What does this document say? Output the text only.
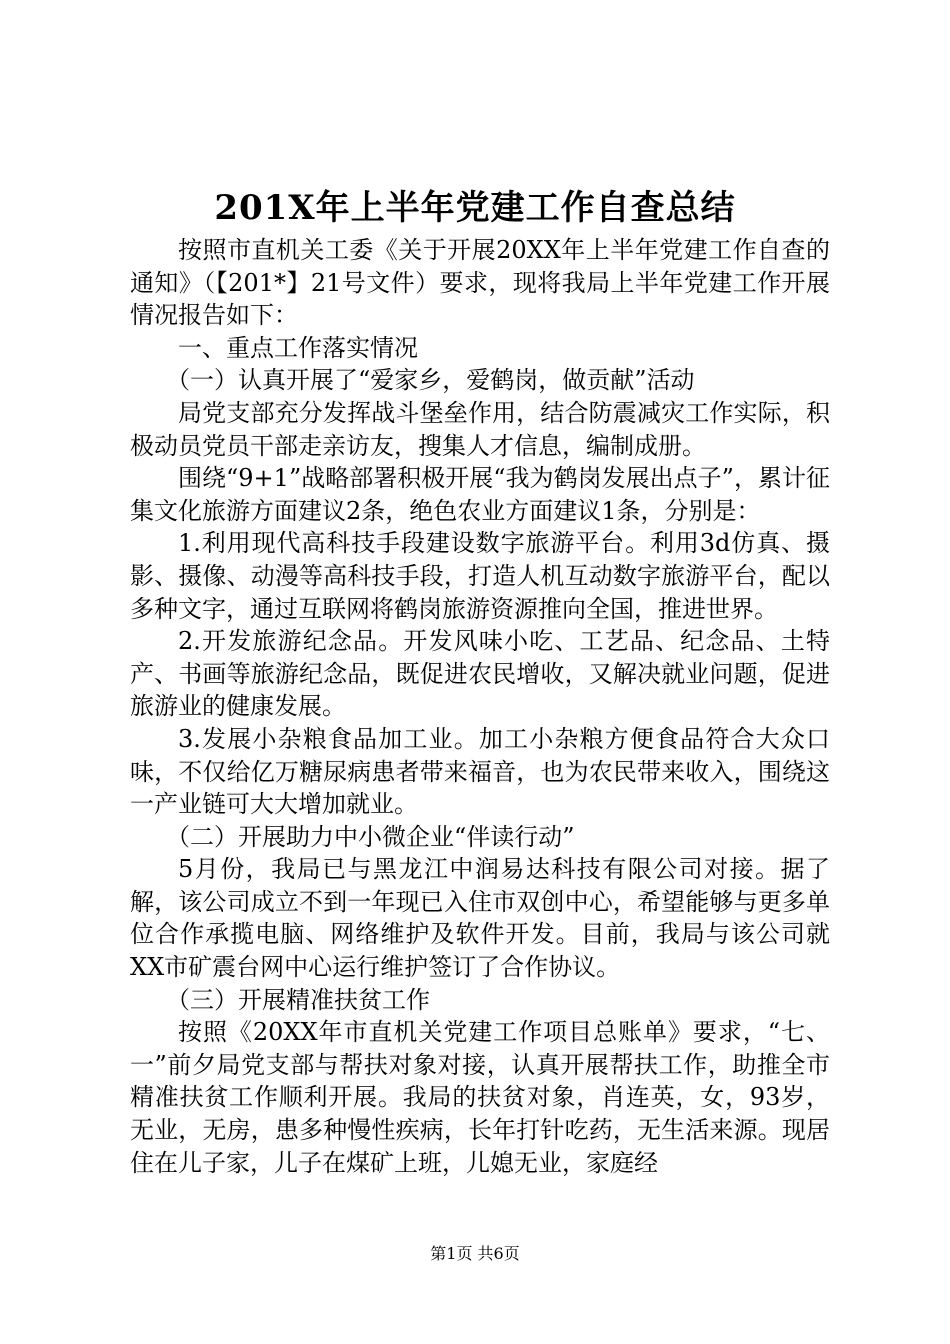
201X年上半年党建工作自查总结

按照市直机关工委《关于开展20XX年上半年党建工作自查的通知》（【201*】21号文件）要求，现将我局上半年党建工作开展情况报告如下：

一、重点工作落实情况

（一）认真开展了“爱家乡，爱鹤岗，做贡献”活动

局党支部充分发挥战斗堡垒作用，结合防震减灾工作实际，积极动员党员干部走亲访友，搜集人才信息，编制成册。

围绕“9+1”战略部署积极开展“我为鹤岗发展出点子”，累计征集文化旅游方面建议2条，绝色农业方面建议1条，分别是：

1.利用现代高科技手段建设数字旅游平台。利用3d仿真、摄影、摄像、动漫等高科技手段，打造人机互动数字旅游平台，配以多种文字，通过互联网将鹤岗旅游资源推向全国，推进世界。

2.开发旅游纪念品。开发风味小吃、工艺品、纪念品、土特产、书画等旅游纪念品，既促进农民增收，又解决就业问题，促进旅游业的健康发展。

3.发展小杂粮食品加工业。加工小杂粮方便食品符合大众口味，不仅给亿万糖尿病患者带来福音，也为农民带来收入，围绕这一产业链可大大增加就业。

（二）开展助力中小微企业“伴读行动”

5月份，我局已与黑龙江中润易达科技有限公司对接。据了解，该公司成立不到一年现已入住市双创中心，希望能够与更多单位合作承揽电脑、网络维护及软件开发。目前，我局与该公司就XX市矿震台网中心运行维护签订了合作协议。

（三）开展精准扶贫工作

按照《20XX年市直机关党建工作项目总账单》要求，“七、一”前夕局党支部与帮扶对象对接，认真开展帮扶工作，助推全市精准扶贫工作顺利开展。我局的扶贫对象，肖连英，女，93岁，无业，无房，患多种慢性疾病，长年打针吃药，无生活来源。现居住在儿子家，儿子在煤矿上班，儿媳无业，家庭经

第1页 共6页
